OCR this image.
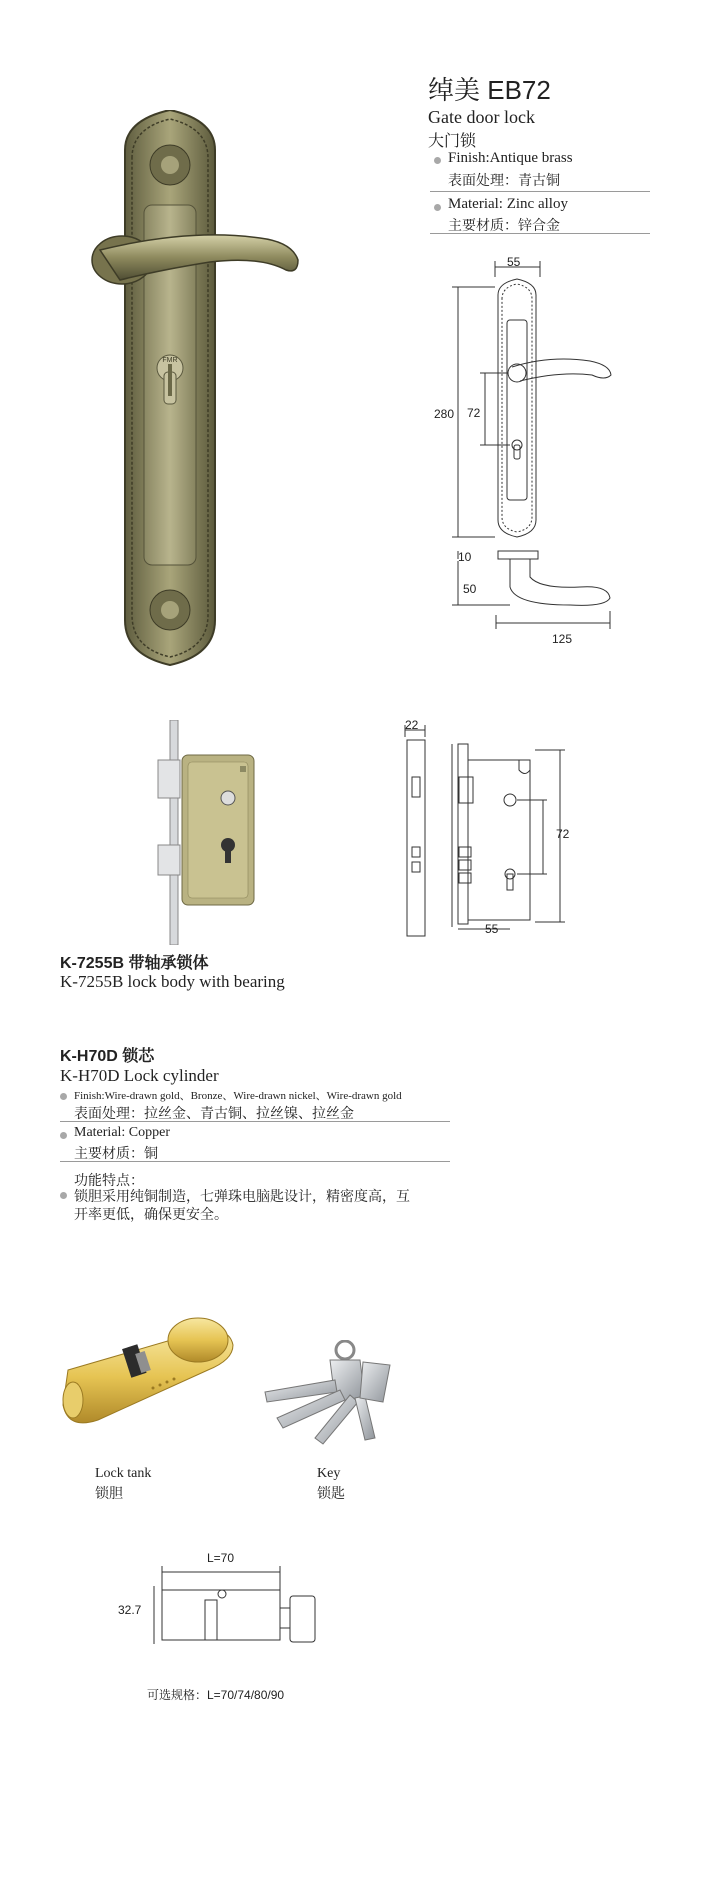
FMR
绰美 EB72
Gate door lock
大门锁
Finish:Antique brass
表面处理：青古铜
Material: Zinc alloy
主要材质：锌合金
55
280 72
10
50
125
22
72
55
K-7255B 带轴承锁体
K-7255B lock body with bearing
K-H70D 锁芯
K-H70D Lock cylinder
Finish:Wire-drawn gold、Bronze、Wire-drawn nickel、Wire-drawn gold
表面处理：拉丝金、青古铜、拉丝镍、拉丝金
Material: Copper
主要材质：铜
功能特点：
锁胆采用纯铜制造，七弹珠电脑匙设计，精密度高，互
开率更低，确保更安全。
Lock tank
锁胆
Key
锁匙
L=70
32.7
可选规格：L=70/74/80/90
